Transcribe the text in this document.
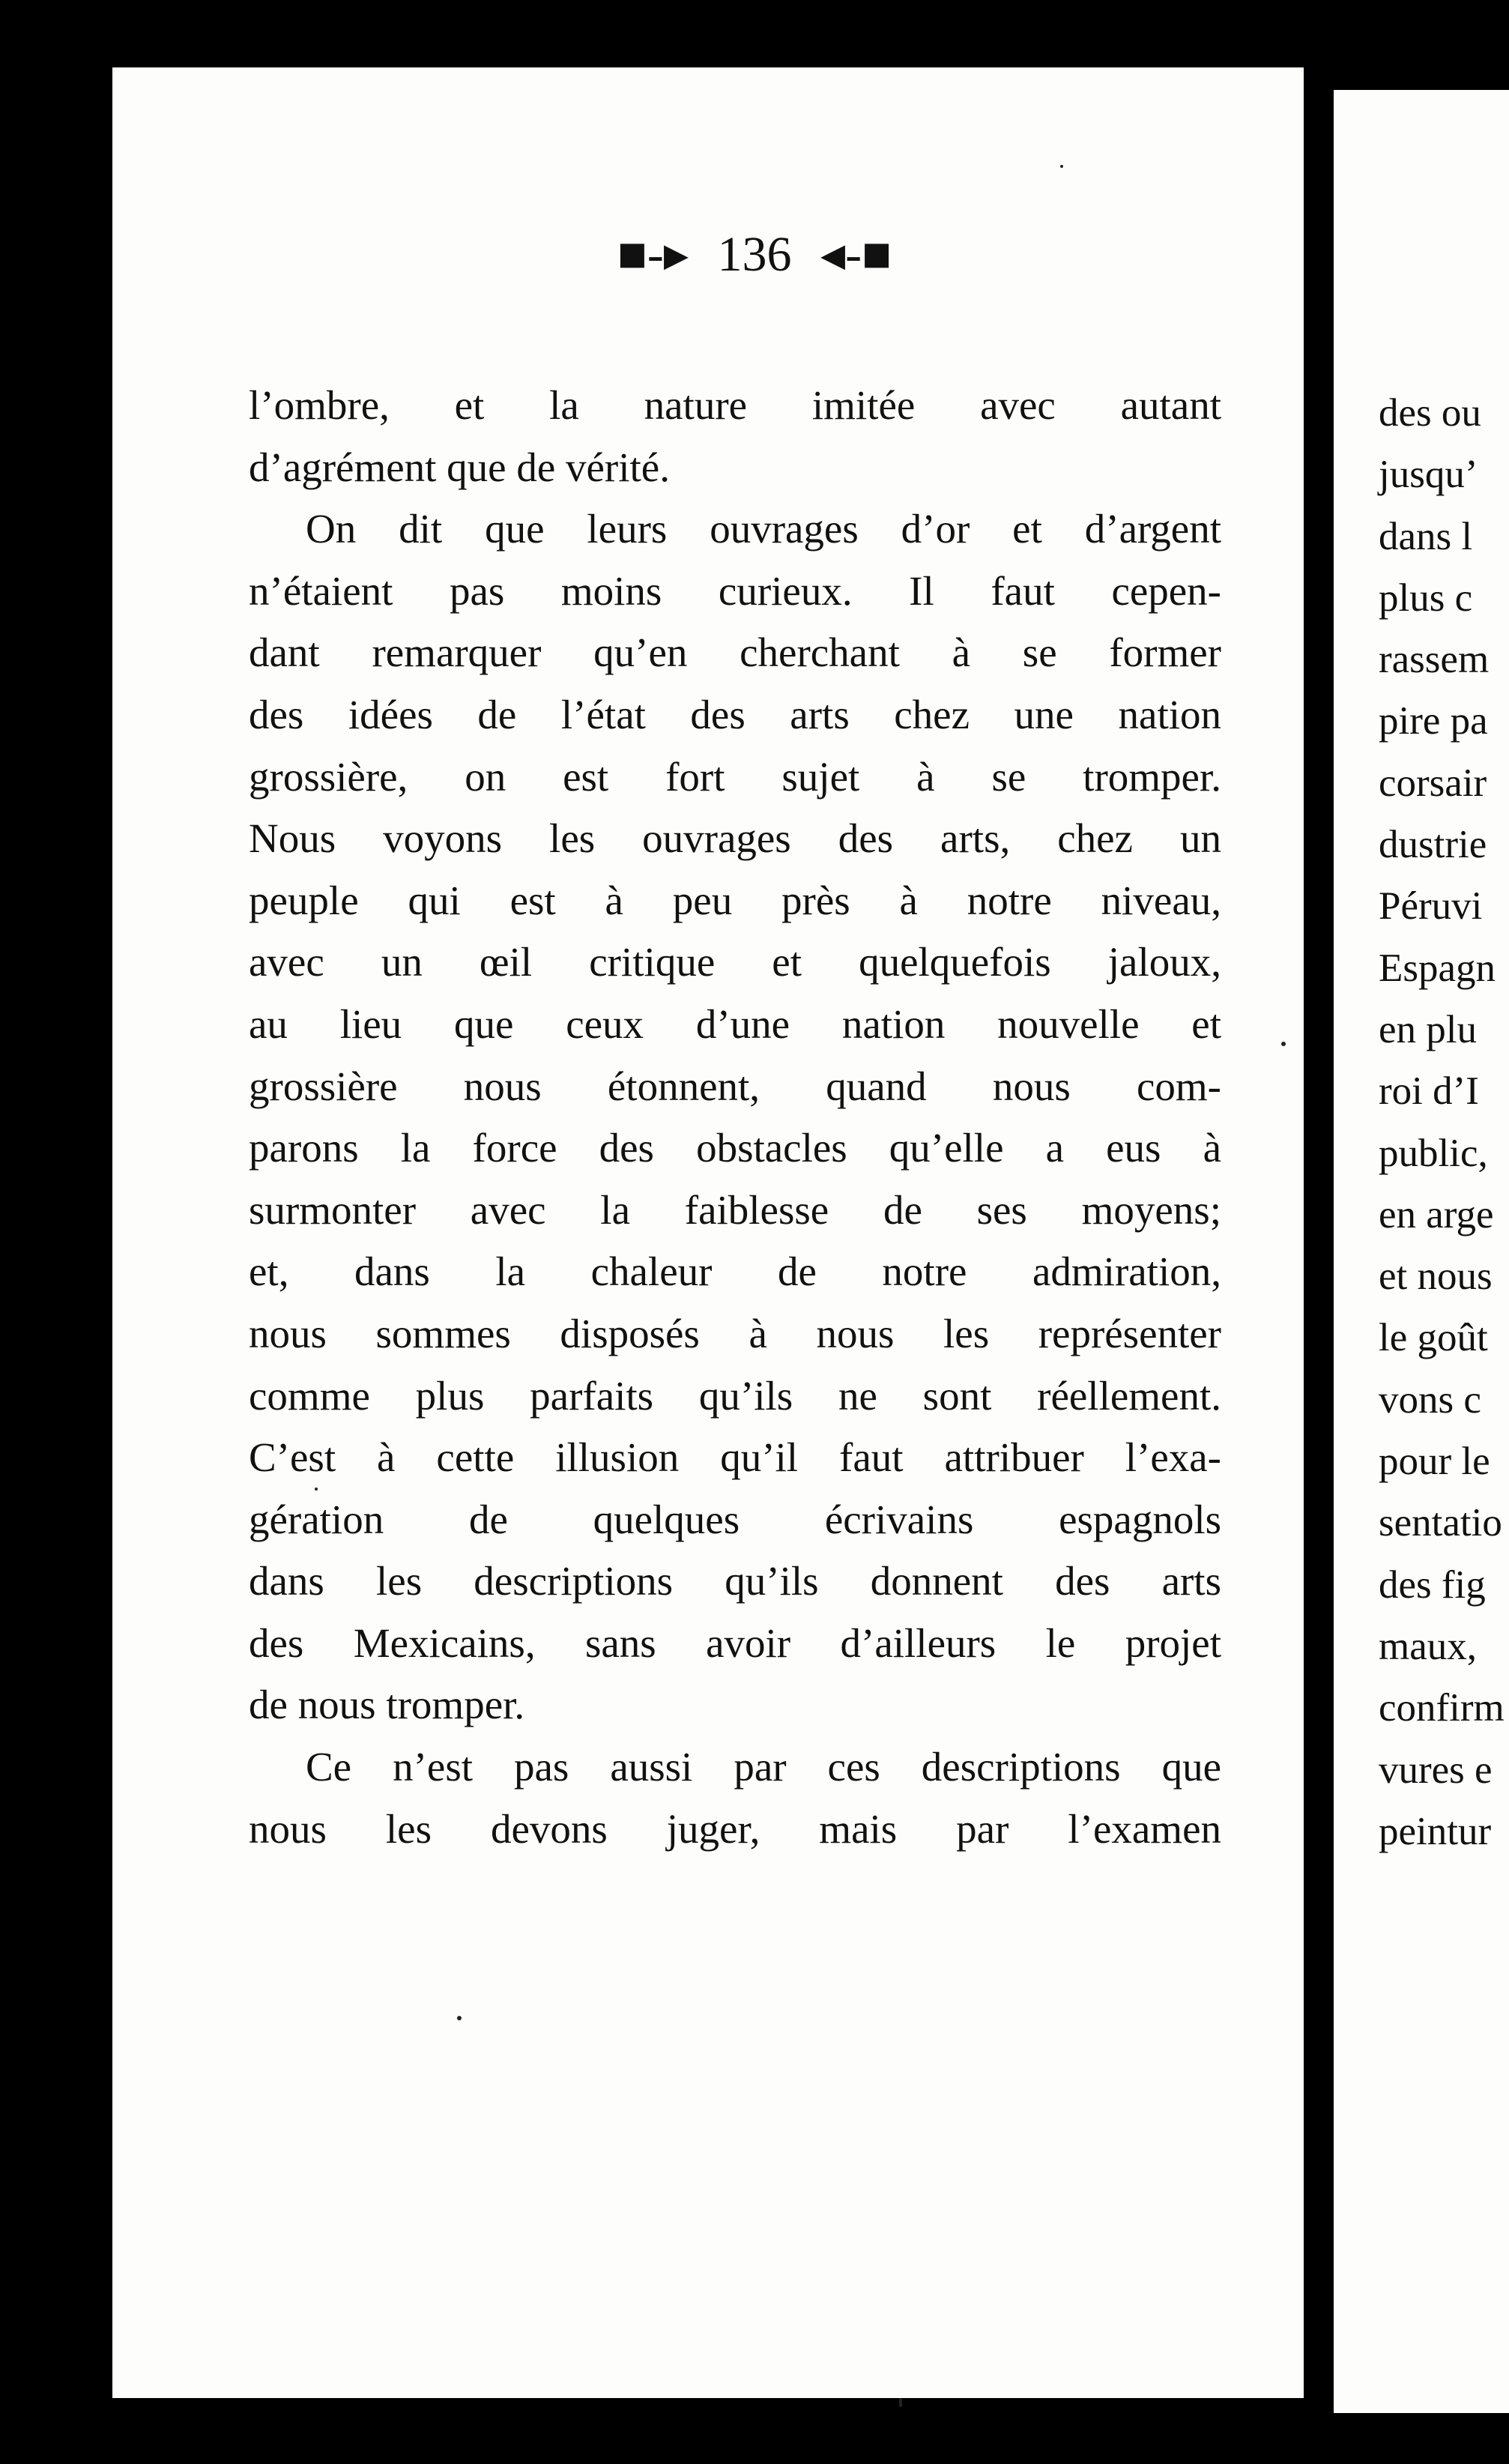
■-▸ 136 ◂-■
l’ombre, et la nature imitée avec autant
d’agrément que de vérité.
On dit que leurs ouvrages d’or et d’argent
n’étaient pas moins curieux. Il faut cepen-
dant remarquer qu’en cherchant à se former
des idées de l’état des arts chez une nation
grossière, on est fort sujet à se tromper.
Nous voyons les ouvrages des arts, chez un
peuple qui est à peu près à notre niveau,
avec un œil critique et quelquefois jaloux,
au lieu que ceux d’une nation nouvelle et
grossière nous étonnent, quand nous com-
parons la force des obstacles qu’elle a eus à
surmonter avec la faiblesse de ses moyens;
et, dans la chaleur de notre admiration,
nous sommes disposés à nous les représenter
comme plus parfaits qu’ils ne sont réellement.
C’est à cette illusion qu’il faut attribuer l’exa-
gération de quelques écrivains espagnols
dans les descriptions qu’ils donnent des arts
des Mexicains, sans avoir d’ailleurs le projet
de nous tromper.
Ce n’est pas aussi par ces descriptions que
nous les devons juger, mais par l’examen
des ou
jusqu’
dans l
plus c
rassem
pire pa
corsair
dustrie
Péruvi
Espagn
en plu
roi d’I
public,
en arge
et nous
le goût
vons c
pour le
sentatio
des fig
maux,
confirm
vures e
peintur
